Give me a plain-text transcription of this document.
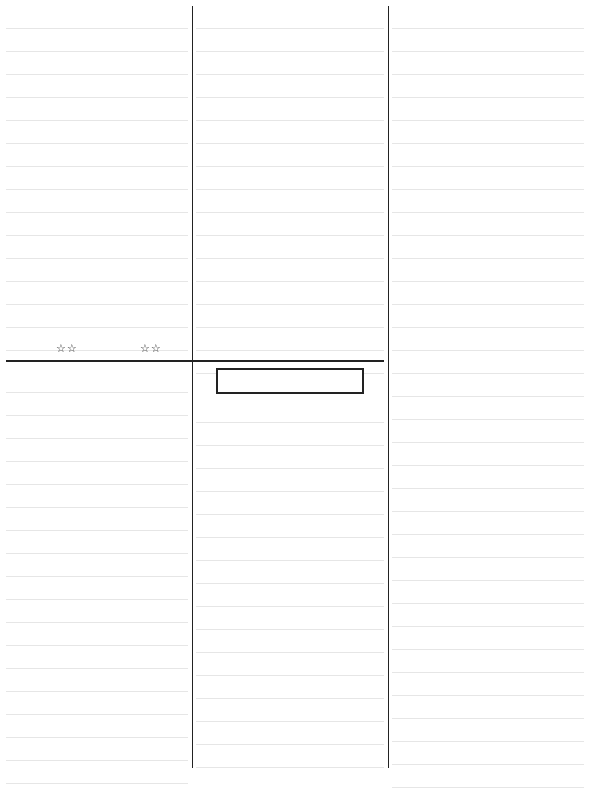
☆☆	☆☆
